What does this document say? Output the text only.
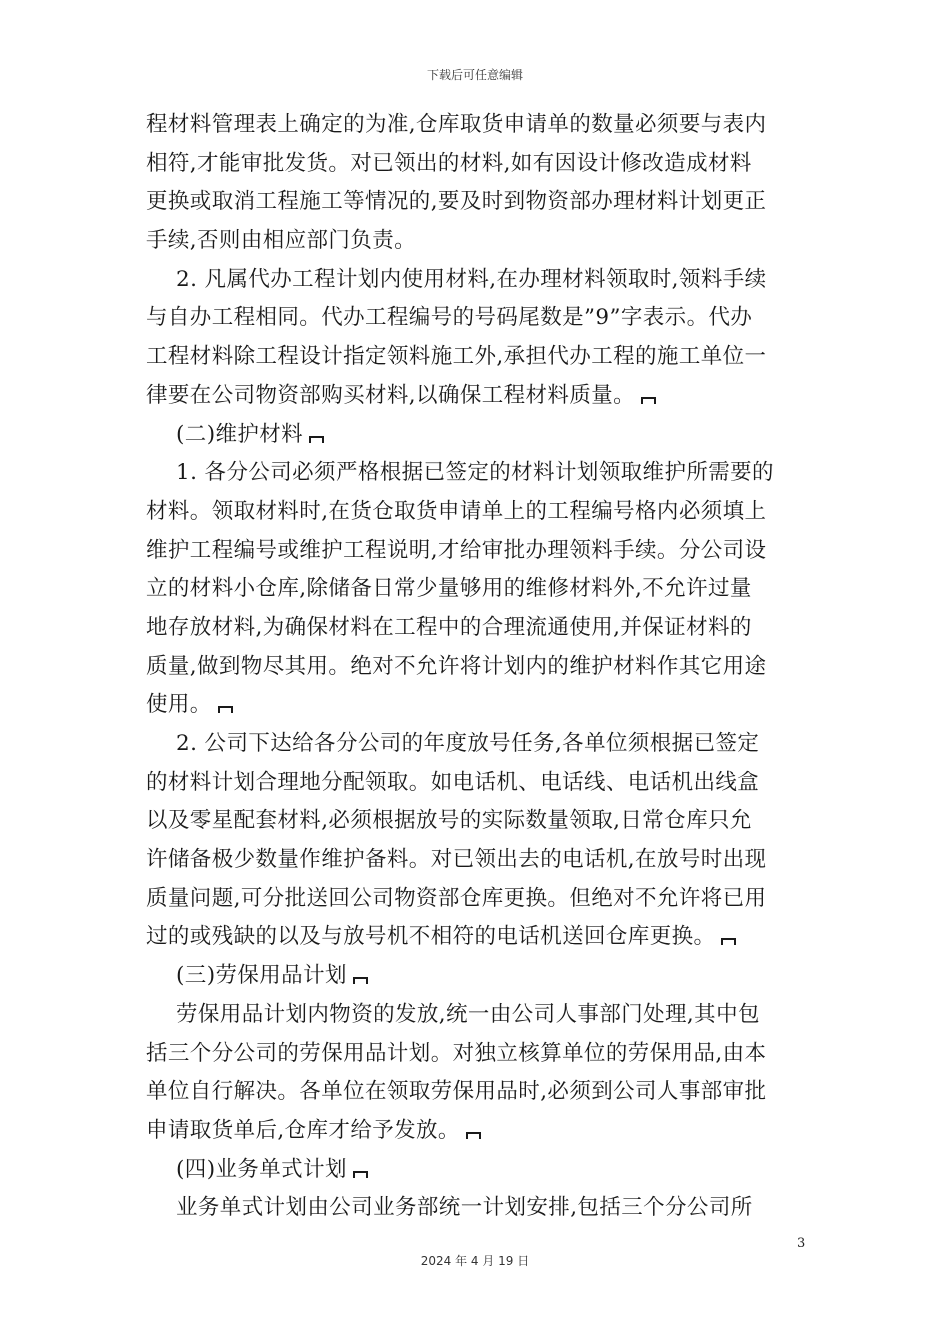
下载后可任意编辑
程材料管理表上确定的为准,仓库取货申请单的数量必须要与表内
相符,才能审批发货。对已领出的材料,如有因设计修改造成材料
更换或取消工程施工等情况的,要及时到物资部办理材料计划更正
手续,否则由相应部门负责。
2. 凡属代办工程计划内使用材料,在办理材料领取时,领料手续
与自办工程相同。代办工程编号的号码尾数是”9”字表示。代办
工程材料除工程设计指定领料施工外,承担代办工程的施工单位一
律要在公司物资部购买材料,以确保工程材料质量。
(二)维护材料
1. 各分公司必须严格根据已签定的材料计划领取维护所需要的
材料。领取材料时,在货仓取货申请单上的工程编号格内必须填上
维护工程编号或维护工程说明,才给审批办理领料手续。分公司设
立的材料小仓库,除储备日常少量够用的维修材料外,不允许过量
地存放材料,为确保材料在工程中的合理流通使用,并保证材料的
质量,做到物尽其用。绝对不允许将计划内的维护材料作其它用途
使用。
2. 公司下达给各分公司的年度放号任务,各单位须根据已签定
的材料计划合理地分配领取。如电话机、电话线、电话机出线盒
以及零星配套材料,必须根据放号的实际数量领取,日常仓库只允
许储备极少数量作维护备料。对已领出去的电话机,在放号时出现
质量问题,可分批送回公司物资部仓库更换。但绝对不允许将已用
过的或残缺的以及与放号机不相符的电话机送回仓库更换。
(三)劳保用品计划
劳保用品计划内物资的发放,统一由公司人事部门处理,其中包
括三个分公司的劳保用品计划。对独立核算单位的劳保用品,由本
单位自行解决。各单位在领取劳保用品时,必须到公司人事部审批
申请取货单后,仓库才给予发放。
(四)业务单式计划
业务单式计划由公司业务部统一计划安排,包括三个分公司所
3
2024 年 4 月 19 日
